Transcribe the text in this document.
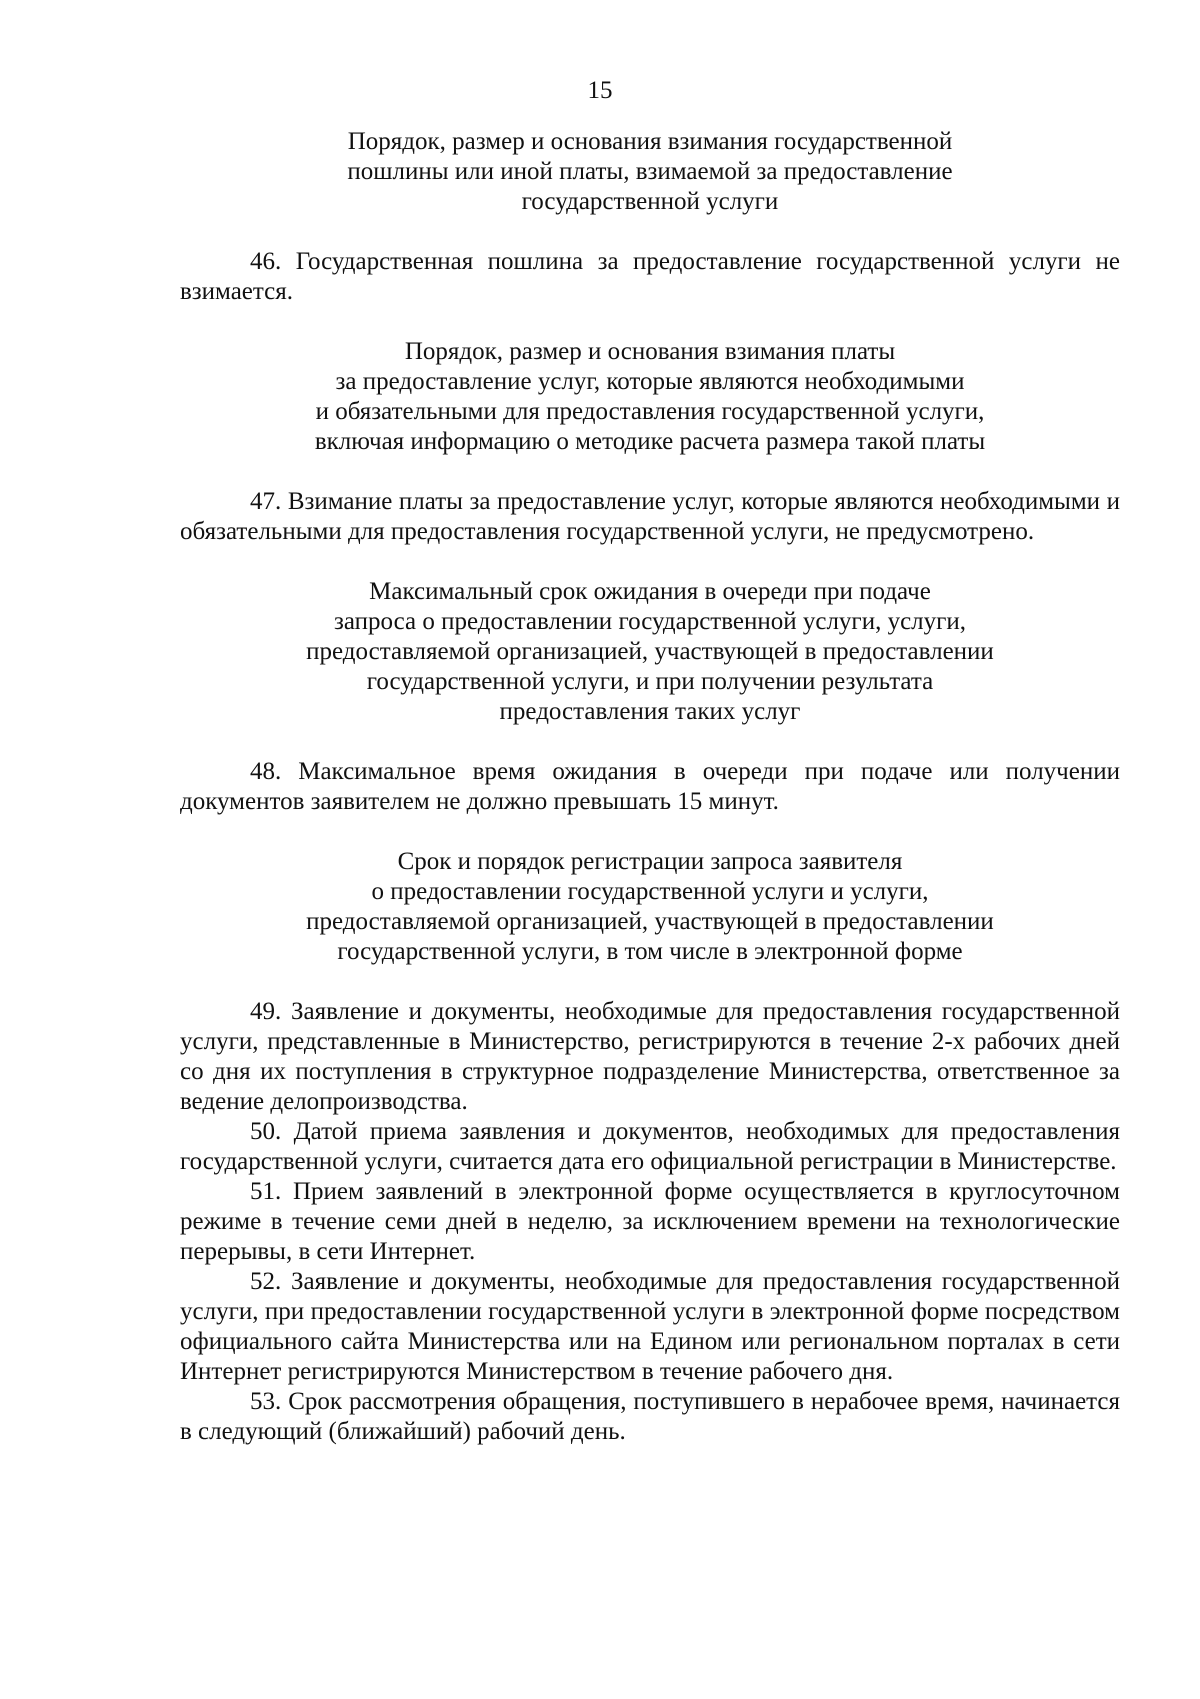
15

Порядок, размер и основания взимания государственной
пошлины или иной платы, взимаемой за предоставление
государственной услуги

46. Государственная пошлина за предоставление государственной услуги не взимается.

Порядок, размер и основания взимания платы
за предоставление услуг, которые являются необходимыми
и обязательными для предоставления государственной услуги,
включая информацию о методике расчета размера такой платы

47. Взимание платы за предоставление услуг, которые являются необходимыми и обязательными для предоставления государственной услуги, не предусмотрено.

Максимальный срок ожидания в очереди при подаче
запроса о предоставлении государственной услуги, услуги,
предоставляемой организацией, участвующей в предоставлении
государственной услуги, и при получении результата
предоставления таких услуг

48. Максимальное время ожидания в очереди при подаче или получении документов заявителем не должно превышать 15 минут.

Срок и порядок регистрации запроса заявителя
о предоставлении государственной услуги и услуги,
предоставляемой организацией, участвующей в предоставлении
государственной услуги, в том числе в электронной форме

49. Заявление и документы, необходимые для предоставления государственной услуги, представленные в Министерство, регистрируются в течение 2-х рабочих дней со дня их поступления в структурное подразделение Министерства, ответственное за ведение делопроизводства.

50. Датой приема заявления и документов, необходимых для предоставления государственной услуги, считается дата его официальной регистрации в Министерстве.

51. Прием заявлений в электронной форме осуществляется в круглосуточном режиме в течение семи дней в неделю, за исключением времени на технологические перерывы, в сети Интернет.

52. Заявление и документы, необходимые для предоставления государственной услуги, при предоставлении государственной услуги в электронной форме посредством официального сайта Министерства или на Едином или региональном порталах в сети Интернет регистрируются Министерством в течение рабочего дня.

53. Срок рассмотрения обращения, поступившего в нерабочее время, начинается в следующий (ближайший) рабочий день.
